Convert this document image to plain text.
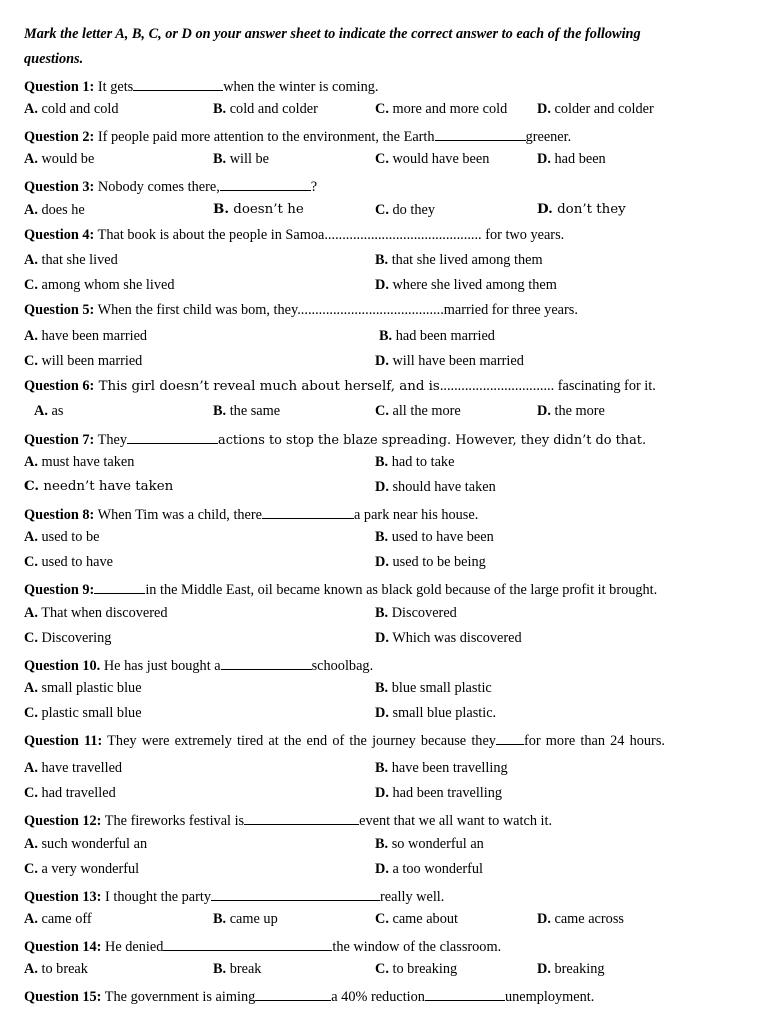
Mark the letter A, B, C, or D on your answer sheet to indicate the correct answer to each of the following
questions.
Question 1: It gets	when the winter is coming.
A. cold and cold	B. cold and colder	C. more and more cold D. colder and colder
Question 2: If people paid more attention to the environment, the Earth	greener.
A. would be	B. will be	C. would have been	D. had been
Question 3: Nobody comes there,	?
A. does he	B. doesn’t he	C. do they	D. don’t they
Question 4: That book is about the people in Samoa............................................ for two years.
A. that she lived	B. that she lived among them
C. among whom she lived	D. where she lived among them
Question 5: When the first child was bom, they.........................................married for three years.
A. have been married	B. had been married
C. will been married	D. will have been married
Question 6: This girl doesn’t reveal much about herself, and is................................ fascinating for it.
A. as	B. the same	C. all the more	D. the more
Question 7: They	actions to stop the blaze spreading. However, they didn’t do that.
A. must have taken	B. had to take
C. needn’t have taken	D. should have taken
Question 8: When Tim was a child, there	a park near his house.
A. used to be	B. used to have been
C. used to have	D. used to be being
Question 9:	in the Middle East, oil became known as black gold because of the large profit it brought.
A. That when discovered	B. Discovered
C. Discovering	D. Which was discovered
Question 10. He has just bought a	schoolbag.
A. small plastic blue	B. blue small plastic
C. plastic small blue	D. small blue plastic.
Question 11: They were extremely tired at the end of the journey because they for more than 24 hours.
A. have travelled	B. have been travelling
C. had travelled	D. had been travelling
Question 12: The fireworks festival is	event that we all want to watch it.
A. such wonderful an	B. so wonderful an
C. a very wonderful	D. a too wonderful
Question 13: I thought the party	really well.
A. came off	B. came up	C. came about	D. came across
Question 14: He denied	the window of the classroom.
A. to break	B. break	C. to breaking	D. breaking
Question 15: The government is aiming	a 40% reduction	unemployment.
